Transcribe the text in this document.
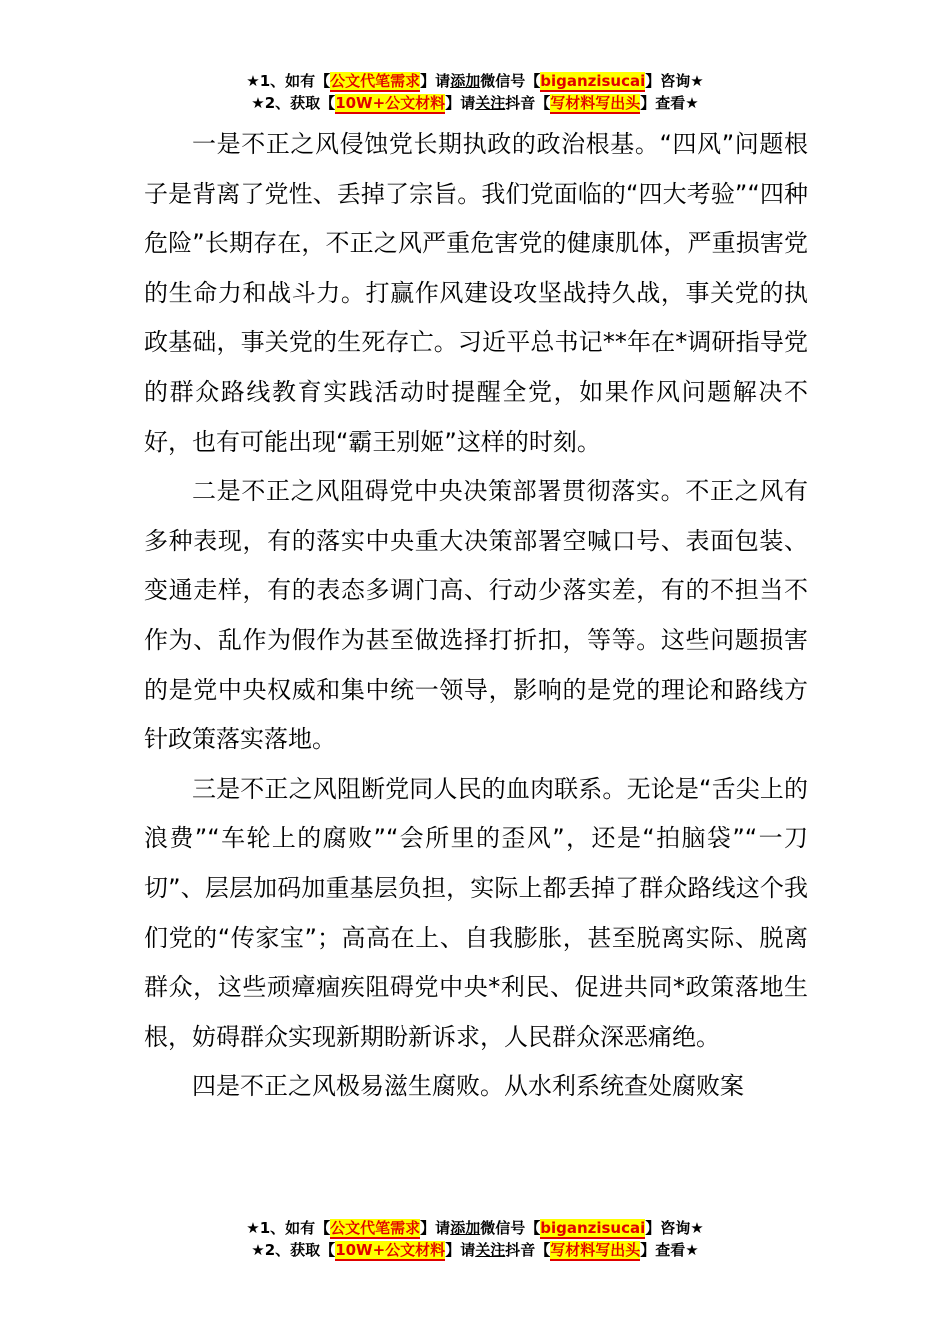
★1、如有【公文代笔需求】请添加微信号【biganzisucai】咨询★
★2、获取【10W+公文材料】请关注抖音【写材料写出头】查看★

一是不正之风侵蚀党长期执政的政治根基。“四风”问题根子是背离了党性、丢掉了宗旨。我们党面临的“四大考验”“四种危险”长期存在，不正之风严重危害党的健康肌体，严重损害党的生命力和战斗力。打赢作风建设攻坚战持久战，事关党的执政基础，事关党的生死存亡。习近平总书记**年在*调研指导党的群众路线教育实践活动时提醒全党，如果作风问题解决不好，也有可能出现“霸王别姬”这样的时刻。

二是不正之风阻碍党中央决策部署贯彻落实。不正之风有多种表现，有的落实中央重大决策部署空喊口号、表面包装、变通走样，有的表态多调门高、行动少落实差，有的不担当不作为、乱作为假作为甚至做选择打折扣，等等。这些问题损害的是党中央权威和集中统一领导，影响的是党的理论和路线方针政策落实落地。

三是不正之风阻断党同人民的血肉联系。无论是“舌尖上的浪费”“车轮上的腐败”“会所里的歪风”，还是“拍脑袋”“一刀切”、层层加码加重基层负担，实际上都丢掉了群众路线这个我们党的“传家宝”；高高在上、自我膨胀，甚至脱离实际、脱离群众，这些顽瘴痼疾阻碍党中央*利民、促进共同*政策落地生根，妨碍群众实现新期盼新诉求，人民群众深恶痛绝。

四是不正之风极易滋生腐败。从水利系统查处腐败案

★1、如有【公文代笔需求】请添加微信号【biganzisucai】咨询★
★2、获取【10W+公文材料】请关注抖音【写材料写出头】查看★
